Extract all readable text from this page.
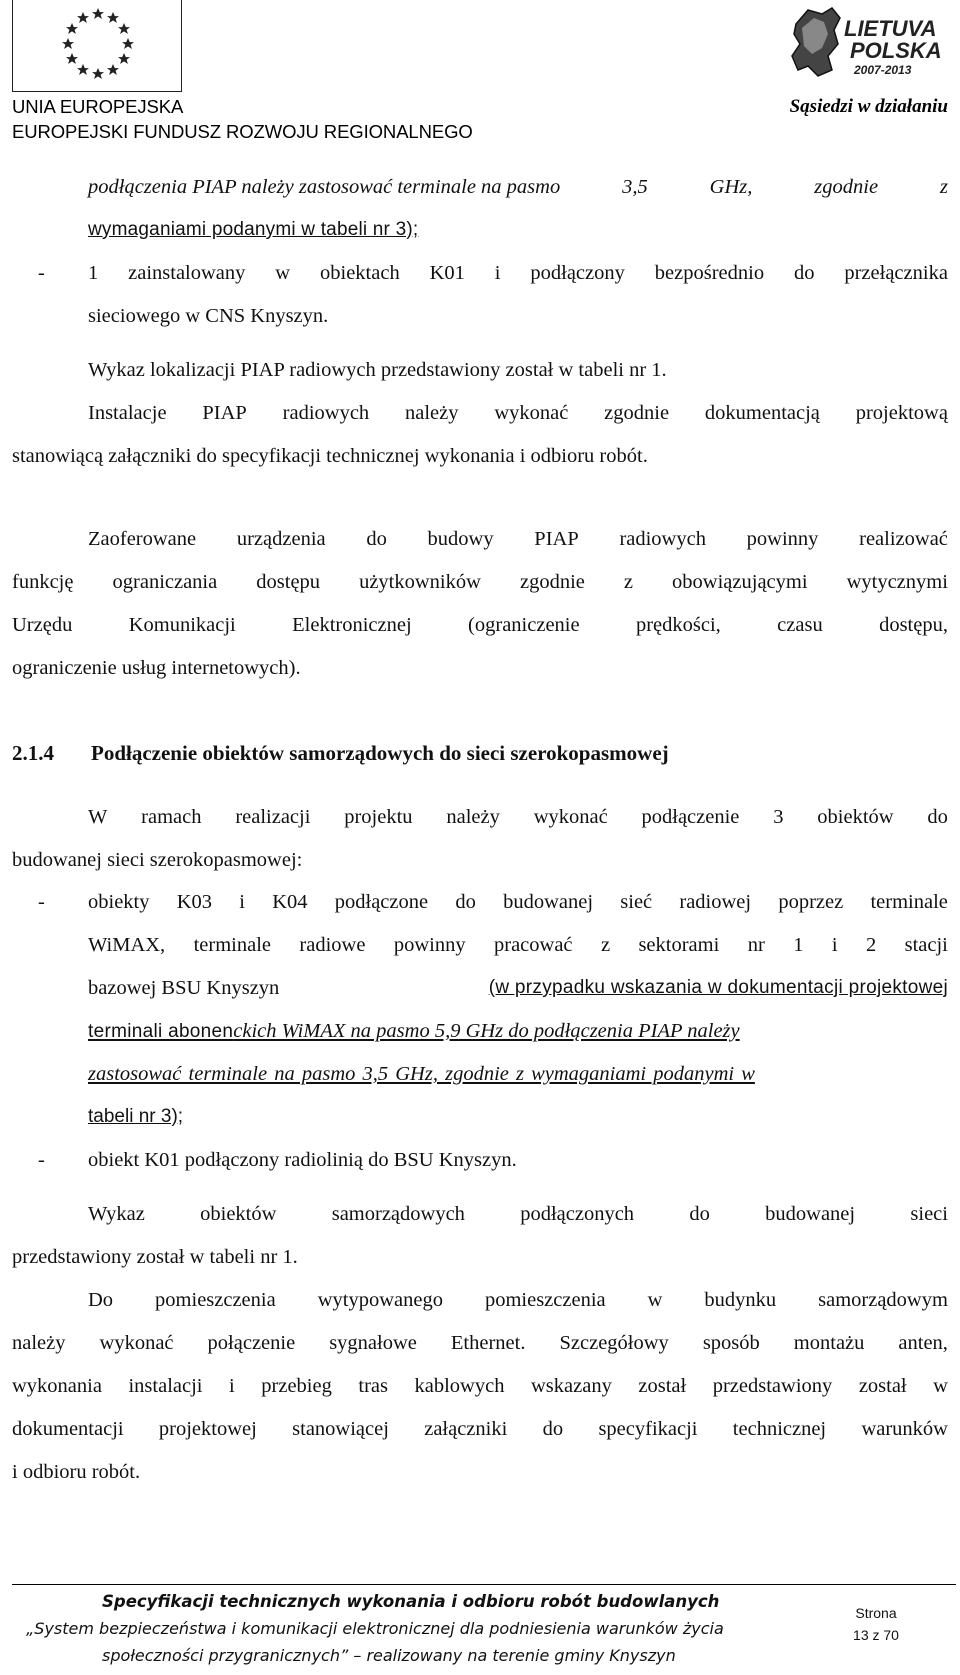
UNIA EUROPEJSKA
EUROPEJSKI FUNDUSZ ROZWOJU REGIONALNEGO
LIETUVA
POLSKA
2007-2013
Sąsiedzi w działaniu
podłączenia PIAP należy zastosować terminale na pasmo	3,5	GHz,	zgodnie	z
wymaganiami podanymi w tabeli nr 3);
- 1 zainstalowany w obiektach K01 i podłączony bezpośrednio do przełącznika
sieciowego w CNS Knyszyn.
Wykaz lokalizacji PIAP radiowych przedstawiony został w tabeli nr 1.
Instalacje PIAP radiowych należy wykonać zgodnie dokumentacją projektową
stanowiącą załączniki do specyfikacji technicznej wykonania i odbioru robót.
Zaoferowane urządzenia do budowy PIAP radiowych powinny realizować
funkcję ograniczania dostępu użytkowników zgodnie z obowiązującymi wytycznymi
Urzędu	Komunikacji	Elektronicznej	(ograniczenie	prędkości,	czasu	dostępu,
ograniczenie usług internetowych).
2.1.4 Podłączenie obiektów samorządowych do sieci szerokopasmowej
W ramach realizacji projektu należy wykonać podłączenie 3 obiektów do
budowanej sieci szerokopasmowej:
- obiekty K03 i K04 podłączone do budowanej sieć radiowej poprzez terminale
WiMAX, terminale radiowe powinny pracować z sektorami nr 1 i 2 stacji
bazowej BSU Knyszyn	(w przypadku wskazania w dokumentacji projektowej
terminali abonenckich WiMAX na pasmo 5,9 GHz do podłączenia PIAP należy
zastosować terminale na pasmo 3,5 GHz, zgodnie z wymaganiami podanymi w
tabeli nr 3);
- obiekt K01 podłączony radiolinią do BSU Knyszyn.
Wykaz	obiektów	samorządowych	podłączonych	do	budowanej	sieci
przedstawiony został w tabeli nr 1.
Do pomieszczenia wytypowanego pomieszczenia w budynku samorządowym
należy wykonać połączenie sygnałowe Ethernet. Szczegółowy sposób montażu anten,
wykonania instalacji i przebieg tras kablowych wskazany został przedstawiony został w
dokumentacji projektowej stanowiącej załączniki do specyfikacji technicznej warunków
i odbioru robót.
Specyfikacji technicznych wykonania i odbioru robót budowlanych
„System bezpieczeństwa i komunikacji elektronicznej dla podniesienia warunków życia
społeczności przygranicznych” – realizowany na terenie gminy Knyszyn
Strona
13 z 70
